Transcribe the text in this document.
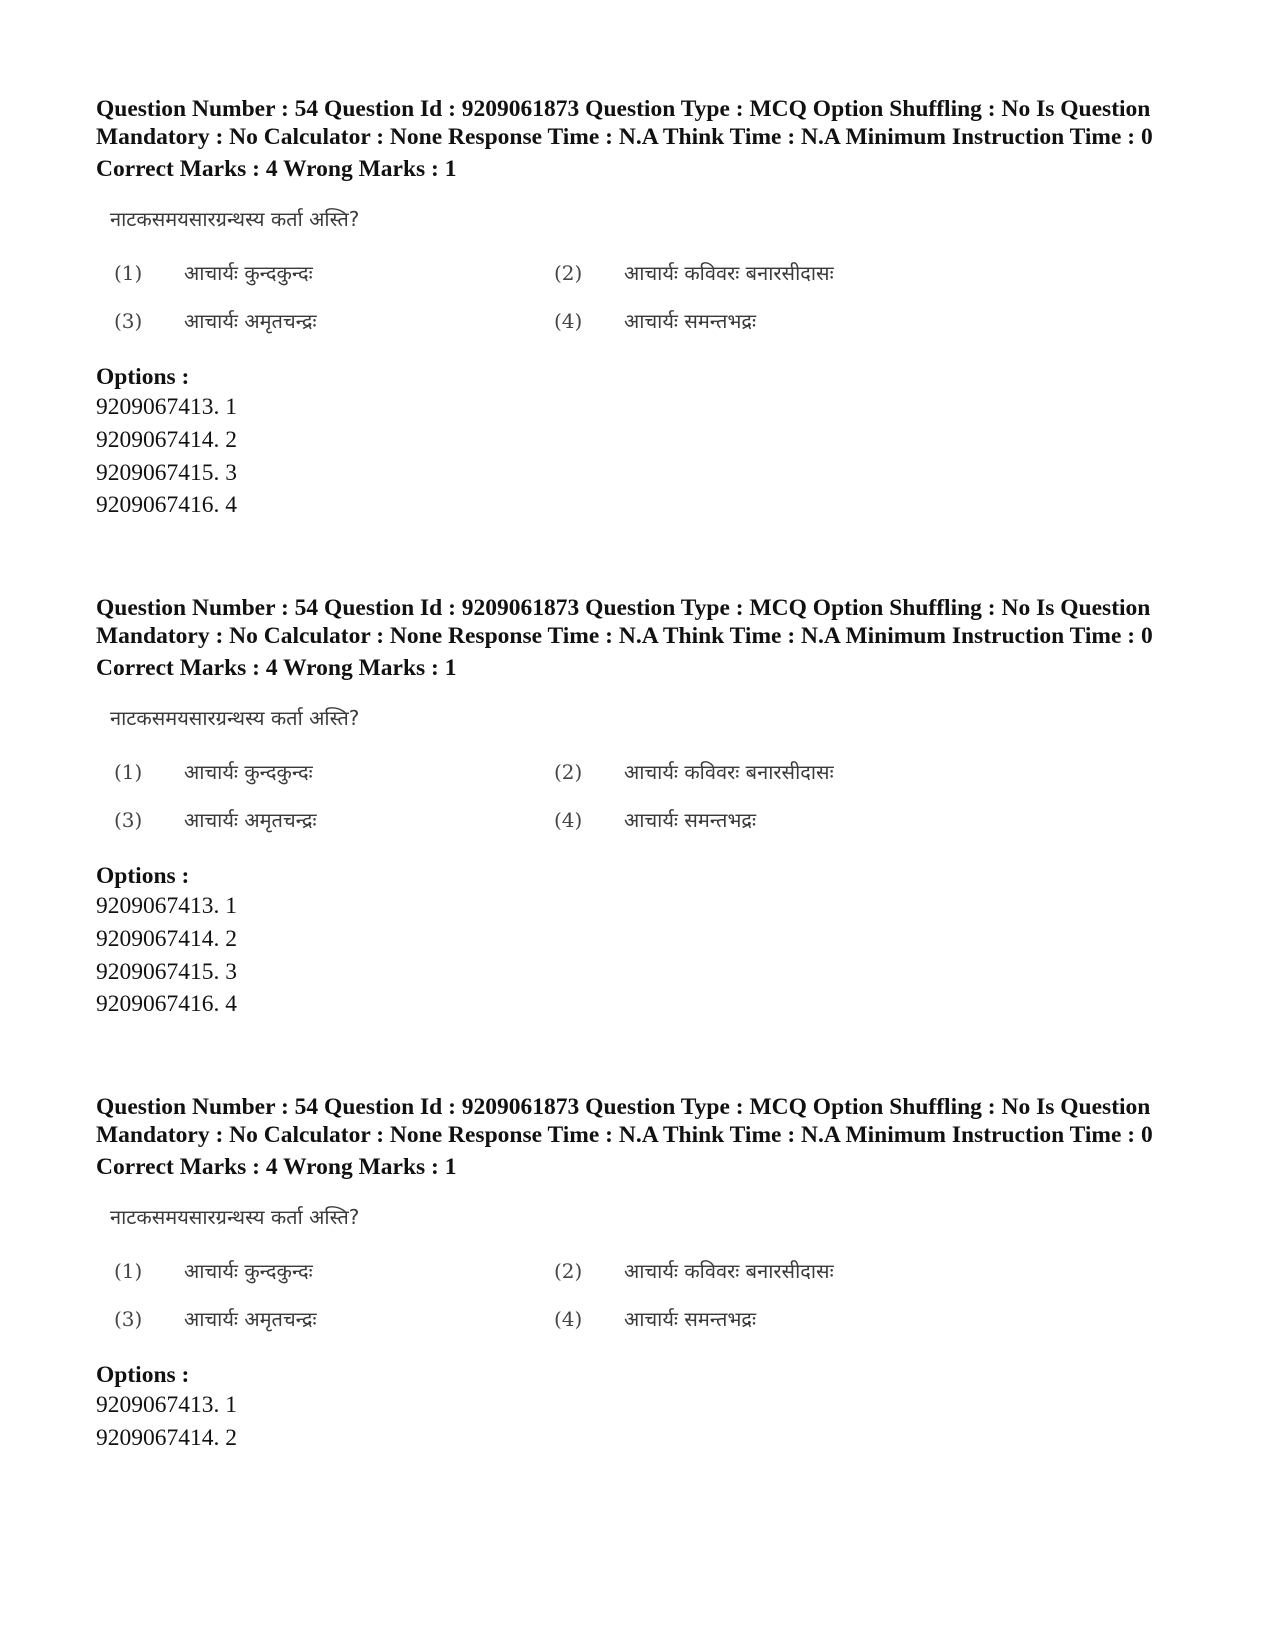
Question Number : 54 Question Id : 9209061873 Question Type : MCQ Option Shuffling : No Is Question Mandatory : No Calculator : None Response Time : N.A Think Time : N.A Minimum Instruction Time : 0

Correct Marks : 4 Wrong Marks : 1

नाटकसमयसारग्रन्थस्य कर्ता अस्ति?
(1) आचार्यः कुन्दकुन्दः	(2) आचार्यः कविवरः बनारसीदासः
(3) आचार्यः अमृतचन्द्रः	(4) आचार्यः समन्तभद्रः

Options :

9209067413. 1

9209067414. 2

9209067415. 3

9209067416. 4

Question Number : 54 Question Id : 9209061873 Question Type : MCQ Option Shuffling : No Is Question Mandatory : No Calculator : None Response Time : N.A Think Time : N.A Minimum Instruction Time : 0

Correct Marks : 4 Wrong Marks : 1

नाटकसमयसारग्रन्थस्य कर्ता अस्ति?
(1) आचार्यः कुन्दकुन्दः	(2) आचार्यः कविवरः बनारसीदासः
(3) आचार्यः अमृतचन्द्रः	(4) आचार्यः समन्तभद्रः

Options :

9209067413. 1

9209067414. 2

9209067415. 3

9209067416. 4

Question Number : 54 Question Id : 9209061873 Question Type : MCQ Option Shuffling : No Is Question Mandatory : No Calculator : None Response Time : N.A Think Time : N.A Minimum Instruction Time : 0

Correct Marks : 4 Wrong Marks : 1

नाटकसमयसारग्रन्थस्य कर्ता अस्ति?
(1) आचार्यः कुन्दकुन्दः	(2) आचार्यः कविवरः बनारसीदासः
(3) आचार्यः अमृतचन्द्रः	(4) आचार्यः समन्तभद्रः

Options :

9209067413. 1

9209067414. 2
